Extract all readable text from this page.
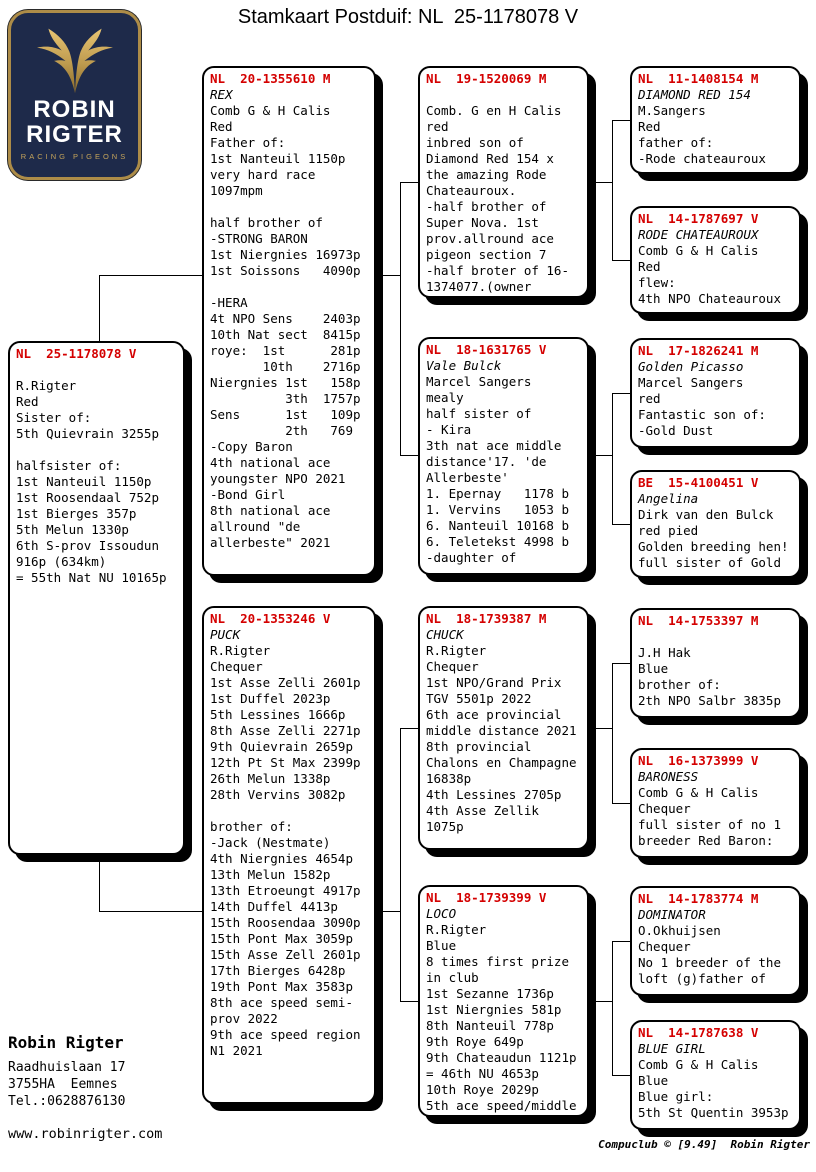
Stamkaart Postduif: NL  25-1178078 V
ROBIN
RIGTER
RACING PIGEONS
NL  25-1178078 V
R.Rigter
Red
Sister of:
5th Quievrain 3255p

halfsister of:
1st Nanteuil 1150p
1st Roosendaal 752p
1st Bierges 357p
5th Melun 1330p
6th S-prov Issoudun
916p (634km)
= 55th Nat NU 10165p
NL  20-1355610 M
REX
Comb G & H Calis
Red
Father of:
1st Nanteuil 1150p
very hard race
1097mpm

half brother of
-STRONG BARON
1st Niergnies 16973p
1st Soissons   4090p

-HERA
4t NPO Sens    2403p
10th Nat sect  8415p
roye:  1st      281p
10th    2716p
Niergnies 1st   158p
3th  1757p
Sens      1st   109p
2th   769
-Copy Baron
4th national ace
youngster NPO 2021
-Bond Girl
8th national ace
allround "de
allerbeste" 2021
NL  20-1353246 V
PUCK
R.Rigter
Chequer
1st Asse Zelli 2601p
1st Duffel 2023p
5th Lessines 1666p
8th Asse Zelli 2271p
9th Quievrain 2659p
12th Pt St Max 2399p
26th Melun 1338p
28th Vervins 3082p

brother of:
-Jack (Nestmate)
4th Niergnies 4654p
13th Melun 1582p
13th Etroeungt 4917p
14th Duffel 4413p
15th Roosendaa 3090p
15th Pont Max 3059p
15th Asse Zell 2601p
17th Bierges 6428p
19th Pont Max 3583p
8th ace speed semi-
prov 2022
9th ace speed region
N1 2021
NL  19-1520069 M
Comb. G en H Calis
red
inbred son of
Diamond Red 154 x
the amazing Rode
Chateauroux.
-half brother of
Super Nova. 1st
prov.allround ace
pigeon section 7
-half broter of 16-
1374077.(owner
NL  18-1631765 V
Vale Bulck
Marcel Sangers
mealy
half sister of
- Kira
3th nat ace middle
distance'17. 'de
Allerbeste'
1. Epernay   1178 b
1. Vervins   1053 b
6. Nanteuil 10168 b
6. Teletekst 4998 b
-daughter of
NL  18-1739387 M
CHUCK
R.Rigter
Chequer
1st NPO/Grand Prix
TGV 5501p 2022
6th ace provincial
middle distance 2021
8th provincial
Chalons en Champagne
16838p
4th Lessines 2705p
4th Asse Zellik
1075p
NL  18-1739399 V
LOCO
R.Rigter
Blue
8 times first prize
in club
1st Sezanne 1736p
1st Niergnies 581p
8th Nanteuil 778p
9th Roye 649p
9th Chateaudun 1121p
= 46th NU 4653p
10th Roye 2029p
5th ace speed/middle
NL  11-1408154 M
DIAMOND RED 154
M.Sangers
Red
father of:
-Rode chateauroux
NL  14-1787697 V
RODE CHATEAUROUX
Comb G & H Calis
Red
flew:
4th NPO Chateauroux
NL  17-1826241 M
Golden Picasso
Marcel Sangers
red
Fantastic son of:
-Gold Dust
BE  15-4100451 V
Angelina
Dirk van den Bulck
red pied
Golden breeding hen!
full sister of Gold
NL  14-1753397 M
J.H Hak
Blue
brother of:
2th NPO Salbr 3835p
NL  16-1373999 V
BARONESS
Comb G & H Calis
Chequer
full sister of no 1
breeder Red Baron:
NL  14-1783774 M
DOMINATOR
O.Okhuijsen
Chequer
No 1 breeder of the
loft (g)father of
NL  14-1787638 V
BLUE GIRL
Comb G & H Calis
Blue
Blue girl:
5th St Quentin 3953p
Robin Rigter
Raadhuislaan 17
3755HA  Eemnes
Tel.:0628876130
www.robinrigter.com
Compuclub © [9.49]  Robin Rigter
